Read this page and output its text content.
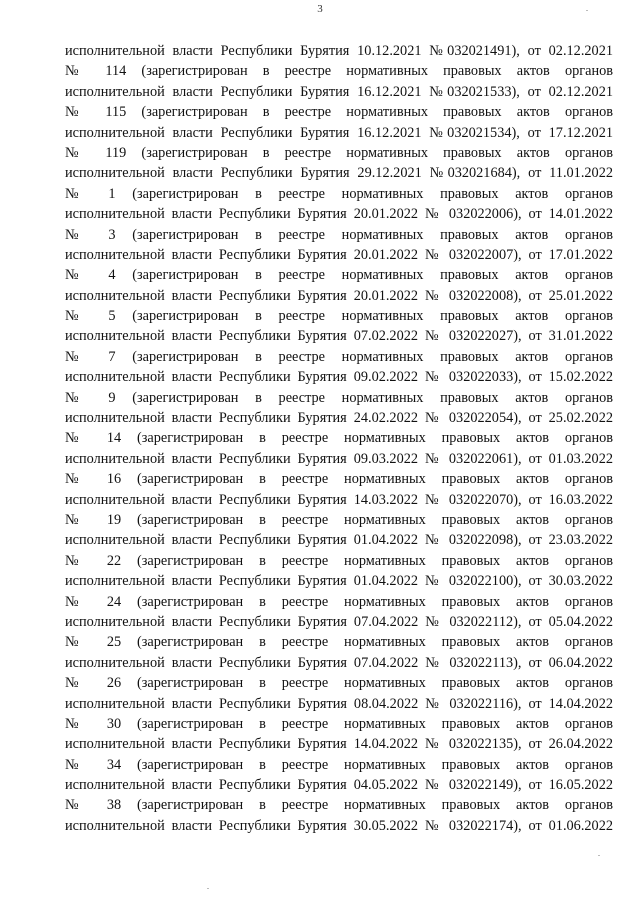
3
исполнительной власти Республики Бурятия 10.12.2021 №032021491), от 02.12.2021
№ 114 (зарегистрирован в реестре нормативных правовых актов органов
исполнительной власти Республики Бурятия 16.12.2021 №032021533), от 02.12.2021
№ 115 (зарегистрирован в реестре нормативных правовых актов органов
исполнительной власти Республики Бурятия 16.12.2021 №032021534), от 17.12.2021
№ 119 (зарегистрирован в реестре нормативных правовых актов органов
исполнительной власти Республики Бурятия 29.12.2021 №032021684), от 11.01.2022
№ 1 (зарегистрирован в реестре нормативных правовых актов органов
исполнительной власти Республики Бурятия 20.01.2022 № 032022006), от 14.01.2022
№ 3 (зарегистрирован в реестре нормативных правовых актов органов
исполнительной власти Республики Бурятия 20.01.2022 № 032022007), от 17.01.2022
№ 4 (зарегистрирован в реестре нормативных правовых актов органов
исполнительной власти Республики Бурятия 20.01.2022 № 032022008), от 25.01.2022
№ 5 (зарегистрирован в реестре нормативных правовых актов органов
исполнительной власти Республики Бурятия 07.02.2022 № 032022027), от 31.01.2022
№ 7 (зарегистрирован в реестре нормативных правовых актов органов
исполнительной власти Республики Бурятия 09.02.2022 № 032022033), от 15.02.2022
№ 9 (зарегистрирован в реестре нормативных правовых актов органов
исполнительной власти Республики Бурятия 24.02.2022 № 032022054), от 25.02.2022
№ 14 (зарегистрирован в реестре нормативных правовых актов органов
исполнительной власти Республики Бурятия 09.03.2022 № 032022061), от 01.03.2022
№ 16 (зарегистрирован в реестре нормативных правовых актов органов
исполнительной власти Республики Бурятия 14.03.2022 № 032022070), от 16.03.2022
№ 19 (зарегистрирован в реестре нормативных правовых актов органов
исполнительной власти Республики Бурятия 01.04.2022 № 032022098), от 23.03.2022
№ 22 (зарегистрирован в реестре нормативных правовых актов органов
исполнительной власти Республики Бурятия 01.04.2022 № 032022100), от 30.03.2022
№ 24 (зарегистрирован в реестре нормативных правовых актов органов
исполнительной власти Республики Бурятия 07.04.2022 № 032022112), от 05.04.2022
№ 25 (зарегистрирован в реестре нормативных правовых актов органов
исполнительной власти Республики Бурятия 07.04.2022 № 032022113), от 06.04.2022
№ 26 (зарегистрирован в реестре нормативных правовых актов органов
исполнительной власти Республики Бурятия 08.04.2022 № 032022116), от 14.04.2022
№ 30 (зарегистрирован в реестре нормативных правовых актов органов
исполнительной власти Республики Бурятия 14.04.2022 № 032022135), от 26.04.2022
№ 34 (зарегистрирован в реестре нормативных правовых актов органов
исполнительной власти Республики Бурятия 04.05.2022 № 032022149), от 16.05.2022
№ 38 (зарегистрирован в реестре нормативных правовых актов органов
исполнительной власти Республики Бурятия 30.05.2022 № 032022174), от 01.06.2022
